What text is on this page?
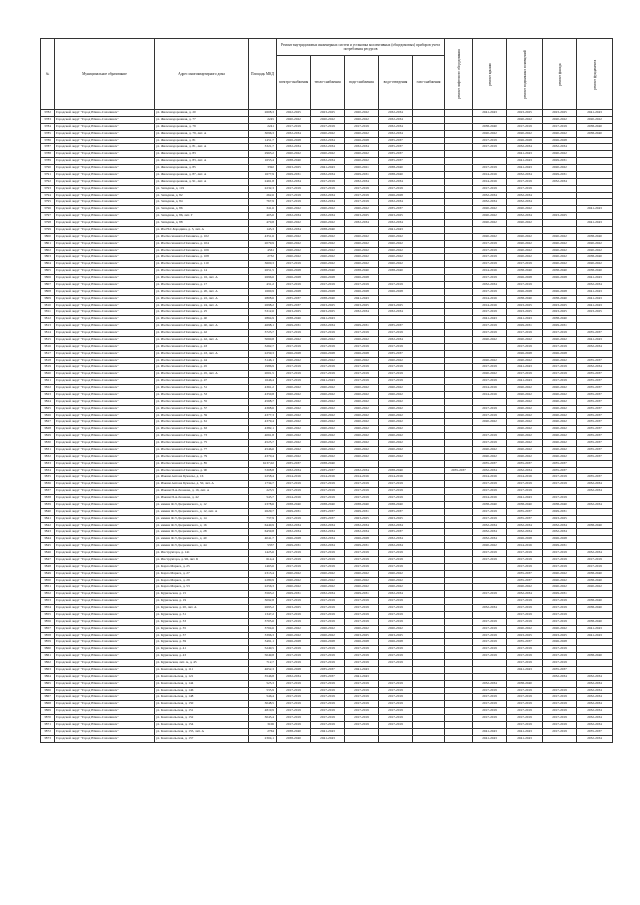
№	Муниципальное образование	Адрес многоквартирного дома	Площадь МКД	Ремонт внутридомовых инженерных систем и установка коллективных (общедомовых) приборов учета потребления ресурсов					ремонт лифтового оборудования	ремонт крыши	ремонт подвальных помещений	ремонт фасада	ремонт фундамента
				электро-снабжения	тепло-снабжения	водо-снабжения	водо-отведения	газо-снабжения					
3782	Городской округ "Город Южно-Сахалинск"	ул. Железнодорожная, д. 20	2608,3	2022-2025	2023-2025	2020-2022	2032-2034			2041-2043	2023-2025	2023-2025	2041-2043
3783	Городской округ "Город Южно-Сахалинск"	ул. Железнодорожная, д. 77	2245	2020-2022	2020-2022	2020-2022	2032-2034				2020-2022	2020-2022	2020-2022
3784	Городской округ "Город Южно-Сахалинск"	ул. Железнодорожная, д. 79	2241	2017-2019	2017-2019	2017-2019	2032-2034			2038-2040	2017-2019	2017-2019	2038-2040
3785	Городской округ "Город Южно-Сахалинск"	ул. Железнодорожная, д. 79, лит. А	3096,3	2032-2034	2020-2022	2020-2022	2032-2034			2020-2022	2020-2022	2020-2022	2038-2040
3786	Городской округ "Город Южно-Сахалинск"	ул. Железнодорожная, д. 81	1451,7	2026-2028	2032-2034	2026-2028	2035-2037			2017-2019	2026-2028	2026-2028	
3787	Городской округ "Город Южно-Сахалинск"	ул. Железнодорожная, д. 81, лит. А	3321,7	2032-2034	2032-2034	2032-2034	2035-2037			2017-2019	2032-2034	2032-2034	
3788	Городской округ "Город Южно-Сахалинск"	ул. Железнодорожная, д. 83	2963,2	2020-2022	2020-2022	2020-2022	2035-2037				2041-2043	2020-2022	
3789	Городской округ "Город Южно-Сахалинск"	ул. Железнодорожная, д. 83, лит. А	1653,4	2038-2040	2032-2034	2020-2022	2035-2037				2041-2043	2029-2031	
3790	Городской округ "Город Южно-Сахалинск"	ул. Железнодорожная, д. 85	3392	2023-2025	2041-2043	2020-2021	2038-2040			2017-2019	2041-2043	2020-2022	
3791	Городской округ "Город Южно-Сахалинск"	ул. Железнодорожная, д. 87, лит. А	1677,9	2029-2031	2032-2034	2029-2031	2038-2040			2014-2016	2032-2034	2029-2031	
3792	Городской округ "Город Южно-Сахалинск"	ул. Железнодорожная, д. 91, лит. А	2461,8	2032-2034	2017-2019	2032-2034	2032-2034			2014-2016	2017-2019	2032-2034	
3793	Городской округ "Город Южно-Сахалинск"	ул. Западная, д. 119	2232,3	2017-2019	2017-2019	2017-2019	2017-2019			2017-2019	2017-2019		
3794	Городской округ "Город Южно-Сахалинск"	ул. Западная, д. 82	262,6	2017-2019	2032-2034	2017-2019	2026-2028			2032-2034	2032-2034		
3795	Городской округ "Город Южно-Сахалинск"	ул. Западная, д. 84	767,9	2017-2019	2032-2034	2017-2019	2032-2034			2032-2034	2032-2034		
3796	Городской округ "Город Южно-Сахалинск"	ул. Западная, д. 86	341,6	2020-2022	2020-2022	2020-2022	2035-2037			2020-2022	2020-2022		2041-2043
3797	Городской округ "Город Южно-Сахалинск"	ул. Западная, д. 86, лит. Г	405,6	2032-2034	2032-2034	2023-2025	2023-2025			2020-2022	2032-2034	2023-2025	
3798	Городской округ "Город Южно-Сахалинск"	ул. Западная, д. 88	470,8	2020-2022	2020-2022	2032-2034	2032-2034			2020-2022	2020-2022		2041-2043
3799	Городской округ "Город Южно-Сахалинск"	ул. Им Н.С.Бородина, д. 3, лит. А	145,3	2032-2034	2038-2040		2041-2043						
3800	Городской округ "Город Южно-Сахалинск"	ул. Им Космонавта Поповича, д. 102	4351,6	2020-2022	2020-2022	2020-2022	2020-2022			2020-2022	2020-2022	2020-2022	2038-2040
3801	Городской округ "Город Южно-Сахалинск"	ул. Им Космонавта Поповича, д. 104	2079,9	2020-2022	2020-2022	2020-2022	2020-2022			2017-2019	2020-2022	2020-2022	2020-2022
3802	Городской округ "Город Южно-Сахалинск"	ул. Им Космонавта Поповича, д. 106	4561	2020-2022	2020-2022	2020-2022	2020-2022			2017-2019	2020-2022	2020-2022	2020-2022
3803	Городской округ "Город Южно-Сахалинск"	ул. Им Космонавта Поповича, д. 108	2732	2020-2022	2020-2022	2020-2022	2020-2022			2017-2019	2020-2022	2020-2022	2038-2040
3804	Городской округ "Город Южно-Сахалинск"	ул. Им Космонавта Поповича, д. 110	3600,3	2017-2019	2020-2022	2020-2022	2020-2022			2017-2019	2017-2019	2020-2022	2020-2022
3805	Городской округ "Город Южно-Сахалинск"	ул. Им Космонавта Поповича, д. 14	2651,5	2026-2028	2038-2040	2038-2040	2038-2040			2014-2016	2038-2040	2038-2040	2038-2040
3806	Городской округ "Город Южно-Сахалинск"	ул. Им Космонавта Поповича, д. 16, лит. А	2696,6	2026-2028	2026-2028	2026-2028				2017-2019	2026-2028	2026-2028	2041-2043
3807	Городской округ "Город Южно-Сахалинск"	ул. Им Космонавта Поповича, д. 17	431,2	2017-2019	2017-2019	2017-2019	2017-2019			2032-2034	2017-2019		2032-2034
3808	Городской округ "Город Южно-Сахалинск"	ул. Им Космонавта Поповича, д. 20, лит. А	1660,9	2026-2028	2026-2028	2026-2028	2026-2028			2017-2019	2026-2028	2026-2028	2041-2043
3809	Городской округ "Город Южно-Сахалинск"	ул. Им Космонавта Поповича, д. 22, лит. А	2808,6	2035-2037	2038-2040	2041-2043				2014-2016	2038-2040	2038-2040	2041-2043
3810	Городской округ "Город Южно-Сахалинск"	ул. Им Космонавта Поповича, д. 24, лит. А	2698,2	2035-2037	2023-2025	2023-2025	2023-2025			2014-2016	2023-2025	2023-2025	2041-2043
3811	Городской округ "Город Южно-Сахалинск"	ул. Им Космонавта Поповича, д. 25	5312,6	2023-2025	2023-2025	2032-2034	2032-2034			2017-2019	2023-2025	2023-2025	2023-2025
3812	Городской округ "Город Южно-Сахалинск"	ул. Им Космонавта Поповича, д. 40	2864,9	2038-2040	2041-2043					2041-2043	2041-2043	2038-2040	
3813	Городской округ "Город Южно-Сахалинск"	ул. Им Космонавта Поповича, д. 40, лит. А	4698,1	2029-2031	2032-2034	2029-2031	2035-2037			2017-2019	2029-2031	2029-2031	
3814	Городской округ "Город Южно-Сахалинск"	ул. Им Космонавта Поповича, д. 42	3723,7	2017-2019	2017-2019	2017-2019	2017-2019			2017-2019	2017-2019	2017-2019	2035-2037
3815	Городской округ "Город Южно-Сахалинск"	ул. Им Космонавта Поповича, д. 42, лит. А	5060,8	2020-2022	2020-2022	2020-2022	2032-2034			2020-2022	2020-2022	2020-2022	2041-2043
3816	Городской округ "Город Южно-Сахалинск"	ул. Им Космонавта Поповича, д. 43	3262,7	2017-2019	2017-2019	2017-2019	2017-2019				2017-2019	2017-2019	2032-2034
3817	Городской округ "Город Южно-Сахалинск"	ул. Им Космонавта Поповича, д. 43, лит. А	2259,3	2026-2028	2026-2028	2026-2028	2035-2037				2026-2028	2026-2028	
3818	Городской округ "Город Южно-Сахалинск"	ул. Им Космонавта Поповича, д. 44	3146,1	2020-2022	2020-2022	2020-2022	2020-2022			2020-2022	2020-2022	2020-2022	2035-2037
3819	Городской округ "Город Южно-Сахалинск"	ул. Им Космонавта Поповича, д. 45	1986,9	2017-2019	2017-2019	2017-2019	2017-2019			2017-2019	2041-2043	2017-2019	2032-2034
3820	Городской округ "Город Южно-Сахалинск"	ул. Им Космонавта Поповича, д. 45, лит. А	2001,5	2017-2019	2017-2019	2017-2019	2017-2019			2020-2022	2017-2019	2017-2019	2035-2037
3821	Городской округ "Город Южно-Сахалинск"	ул. Им Космонавта Поповича, д. 47	1646,4	2017-2019	2041-2043	2017-2019	2017-2019			2017-2019	2041-2043	2017-2019	2035-2037
3822	Городской округ "Город Южно-Сахалинск"	ул. Им Космонавта Поповича, д. 51	4361,2	2020-2022	2020-2022	2020-2022	2020-2022			2014-2016	2020-2022	2020-2022	2035-2037
3823	Городской округ "Город Южно-Сахалинск"	ул. Им Космонавта Поповича, д. 53	4350,8	2020-2022	2020-2022	2020-2022	2020-2022			2014-2016	2020-2022	2020-2022	2035-2037
3824	Городской округ "Город Южно-Сахалинск"	ул. Им Космонавта Поповича, д. 55	4568,7	2020-2022	2020-2022	2020-2022	2020-2022				2020-2022	2020-2022	2035-2037
3825	Городской округ "Город Южно-Сахалинск"	ул. Им Космонавта Поповича, д. 57	4368,6	2020-2022	2020-2022	2020-2022	2020-2022			2017-2019	2020-2022	2020-2022	2035-2037
3826	Городской округ "Город Южно-Сахалинск"	ул. Им Космонавта Поповича, д. 59	4377,3	2020-2022	2020-2022	2020-2022	2020-2022			2017-2019	2020-2022	2020-2022	2035-2037
3827	Городской округ "Город Южно-Сахалинск"	ул. Им Космонавта Поповича, д. 61	4379,4	2020-2022	2020-2022	2020-2022	2020-2022			2020-2022	2020-2022	2020-2022	2035-2037
3828	Городской округ "Город Южно-Сахалинск"	ул. Им Космонавта Поповича, д. 63	4382,1	2020-2022	2020-2022	2020-2022	2020-2022				2020-2022	2020-2022	2035-2037
3829	Городской округ "Город Южно-Сахалинск"	ул. Им Космонавта Поповича, д. 73	4061,8	2020-2022	2020-2022	2020-2022	2020-2022			2017-2019	2020-2022	2020-2022	2035-2037
3830	Городской округ "Город Южно-Сахалинск"	ул. Им Космонавта Поповича, д. 75	4525,7	2020-2022	2020-2022	2020-2022	2020-2022			2017-2019	2020-2022	2020-2022	2035-2037
3831	Городской округ "Город Южно-Сахалинск"	ул. Им Космонавта Поповича, д. 77	4546,6	2020-2022	2020-2022	2020-2022	2020-2022			2020-2022	2020-2022	2020-2022	2035-2037
3832	Городской округ "Город Южно-Сахалинск"	ул. Им Космонавта Поповича, д. 79	4370,4	2020-2022	2020-2022	2020-2022	2020-2022			2020-2022	2020-2022	2020-2022	2035-2037
3833	Городской округ "Город Южно-Сахалинск"	ул. Им Космонавта Поповича, д. 85	6137,02	2035-2037	2038-2040					2035-2037	2035-2037	2035-2037	
3834	Городской округ "Город Южно-Сахалинск"	ул. Им Космонавта Поповича, д. 90	5308,8	2032-2034	2035-2037	2032-2034	2038-2040		2035-2037	2032-2034	2032-2034	2035-2037	
3835	Городской округ "Город Южно-Сахалинск"	ул. Имени Антона Буюклы, д. 16	2258,4	2014-2016	2014-2016	2014-2016	2014-2016			2014-2016	2014-2016	2017-2019	2035-2037
3836	Городской округ "Город Южно-Сахалинск"	ул. Имени Антона Буюклы, д. 50, лит. А	1734,7	2017-2019	2017-2019	2017-2019	2017-2019			2017-2019	2017-2019	2017-2019	2032-2034
3837	Городской округ "Город Южно-Сахалинск"	ул. Имени П.А.Леонова, д. 16, лит. А	223,5	2017-2019	2017-2019	2017-2019	2017-2019			2017-2019	2017-2019		2032-2034
3838	Городской округ "Город Южно-Сахалинск"	ул. Имени П.А.Леонова, д. 42	545,7	2014-2016	2017-2019	2017-2019	2017-2019			2014-2016	2041-2043	2017-2019	
3839	Городской округ "Город Южно-Сахалинск"	ул. имени Ф.Э.Дзержинского, д. 12	2378,6	2038-2040	2038-2040	2038-2040	2038-2040			2038-2040	2038-2040	2038-2040	2032-2034
3840	Городской округ "Город Южно-Сахалинск"	ул. имени Ф.Э.Дзержинского, д. 12, лит. А	2629,7	2029-2031	2035-2037	2029-2031	2035-2037			2017-2019	2035-2037	2029-2031	
3841	Городской округ "Город Южно-Сахалинск"	ул. имени Ф.Э.Дзержинского, д. 14	737,9	2017-2019	2035-2037	2023-2025	2023-2025			2017-2019	2035-2037	2023-2025	
3842	Городской округ "Город Южно-Сахалинск"	ул. имени Ф.Э.Дзержинского, д. 16	6440,9	2032-2034	2032-2034	2032-2034	2032-2034			2032-2034	2032-2034	2032-2034	2038-2040
3843	Городской округ "Город Южно-Сахалинск"	ул. имени Ф.Э.Дзержинского, д. 28	6459,8	2032-2034	2032-2034	2032-2034	2035-2037			2032-2034	2032-2034	2032-2034	
3844	Городской округ "Город Южно-Сахалинск"	ул. имени Ф.Э.Дзержинского, д. 40	4041,7	2026-2028	2032-2034	2026-2028	2032-2034			2032-2034	2026-2028	2026-2028	
3845	Городской округ "Город Южно-Сахалинск"	ул. имени Ф.Э.Дзержинского, д. 44	5357	2029-2031	2032-2034	2029-2031	2032-2034			2020-2022	2014-2016	2029-2031	
3846	Городской округ "Город Южно-Сахалинск"	ул. Инструктора, д. 141	1425,6	2017-2019	2017-2019	2017-2019	2017-2019			2017-2019	2017-2019	2017-2019	2032-2034
3847	Городской округ "Город Южно-Сахалинск"	ул. Инструктора, д. 96, лит. Б	614,4	2017-2019	2017-2019	2017-2019	2017-2019			2017-2019	2017-2019	2017-2019	2017-2019
3848	Городской округ "Город Южно-Сахалинск"	ул. Карла Маркса, д. 25	1463,6	2017-2019	2017-2019	2017-2019	2017-2019				2017-2019	2017-2019	2017-2019
3849	Городской округ "Город Южно-Сахалинск"	ул. Карла Маркса, д. 27	2313,4	2020-2022	2020-2022	2020-2022	2020-2022				2035-2037	2020-2022	2038-2040
3850	Городской округ "Город Южно-Сахалинск"	ул. Карла Маркса, д. 29	2280,9	2020-2022	2020-2022	2020-2022	2020-2022				2035-2037	2020-2022	2038-2040
3851	Городской округ "Город Южно-Сахалинск"	ул. Карла Маркса, д. 53	2256,3	2020-2022	2020-2022	2020-2022	2020-2022				2020-2022	2020-2022	2020-2022
3852	Городской округ "Город Южно-Сахалинск"	ул. Курильская, д. 15	3563,2	2029-2031	2032-2034	2029-2031	2032-2034			2017-2019	2032-2034	2029-2031	
3853	Городской округ "Город Южно-Сахалинск"	ул. Курильская, д. 19	3092,8	2017-2019	2017-2019	2017-2019	2017-2019				2017-2019	2017-2019	2038-2040
3854	Городской округ "Город Южно-Сахалинск"	ул. Курильская, д. 20, лит. А	2695,2	2023-2025	2017-2019	2017-2019	2017-2019			2032-2034	2017-2019	2017-2019	2038-2040
3855	Городской округ "Город Южно-Сахалинск"	ул. Курильская, д. 31	1347,2	2017-2019	2017-2019	2017-2019	2017-2019				2017-2019	2017-2019	
3856	Городской округ "Город Южно-Сахалинск"	ул. Курильская, д. 33	3705,6	2017-2019	2017-2019	2017-2019	2017-2019			2017-2019	2017-2019	2017-2019	2038-2040
3857	Городской округ "Город Южно-Сахалинск"	ул. Курильская, д. 35	3704,6	2020-2022	2020-2022	2020-2022	2020-2022			2017-2019	2020-2022	2020-2022	2041-2043
3858	Городской округ "Город Южно-Сахалинск"	ул. Курильская, д. 37	3396,3	2020-2022	2020-2022	2023-2025	2023-2025			2017-2019	2023-2025	2023-2025	2041-2043
3859	Городской округ "Город Южно-Сахалинск"	ул. Курильская, д. 39	3491,1	2026-2028	2026-2028	2026-2028	2026-2028			2017-2019	2035-2037	2026-2028	
3860	Городской округ "Город Южно-Сахалинск"	ул. Курильская, д. 41	5249,5	2017-2019	2017-2019	2017-2019	2017-2019			2017-2019	2017-2019	2017-2019	
3861	Городской округ "Город Южно-Сахалинск"	ул. Курильская, д. 43	5049,8	2017-2019	2017-2019	2017-2019	2017-2019			2017-2019	2017-2019	2017-2019	2038-2040
3862	Городской округ "Город Южно-Сахалинск"	ул. Курильская, лит. А, д. 45	712,7	2017-2019	2017-2019	2017-2019	2017-2019				2017-2019	2017-2019	
3863	Городской округ "Город Южно-Сахалинск"	ул. Комсомольская, д. 111	4652,3	2026-2028	2035-2037	2041-2043					2041-2043	2035-2037	
3864	Городской округ "Город Южно-Сахалинск"	ул. Комсомольская, д. 121	3546,8	2032-2034	2035-2037	2041-2043						2032-2034	2032-2034
3865	Городской округ "Город Южно-Сахалинск"	ул. Комсомольская, д. 144	525,3	2017-2019	2017-2019	2017-2019	2017-2019			2032-2034	2038-2040		2032-2034
3866	Городской округ "Город Южно-Сахалинск"	ул. Комсомольская, д. 146	535,9	2017-2019	2017-2019	2017-2019	2017-2019			2017-2019	2017-2019	2017-2019	2032-2034
3867	Городской округ "Город Южно-Сахалинск"	ул. Комсомольская, д. 148	546,4	2017-2019	2017-2019	2017-2019	2017-2019			2017-2019	2017-2019	2017-2019	2032-2034
3868	Городской округ "Город Южно-Сахалинск"	ул. Комсомольская, д. 150	3048,5	2017-2019	2017-2019	2017-2019	2017-2019			2017-2019	2017-2019	2017-2019	2032-2034
3869	Городской округ "Город Южно-Сахалинск"	ул. Комсомольская, д. 151	4819,9	2017-2019	2017-2019	2017-2019	2017-2019			2017-2019	2017-2019	2017-2019	2032-2034
3870	Городской округ "Город Южно-Сахалинск"	ул. Комсомольская, д. 152	3045,4	2017-2019	2017-2019	2017-2019	2017-2019			2017-2019	2017-2019	2017-2019	2032-2034
3871	Городской округ "Город Южно-Сахалинск"	ул. Комсомольская, д. 154	3106	2017-2019	2017-2019	2017-2019	2017-2019				2017-2019	2017-2019	2032-2034
3872	Городской округ "Город Южно-Сахалинск"	ул. Комсомольская, д. 155, лит. А	2764	2038-2040	2041-2043					2041-2043	2041-2043	2017-2019	2035-2037
3873	Городской округ "Город Южно-Сахалинск"	ул. Комсомольская, д. 157	2304,1	2038-2040	2041-2043					2041-2043	2041-2043		2032-2034
